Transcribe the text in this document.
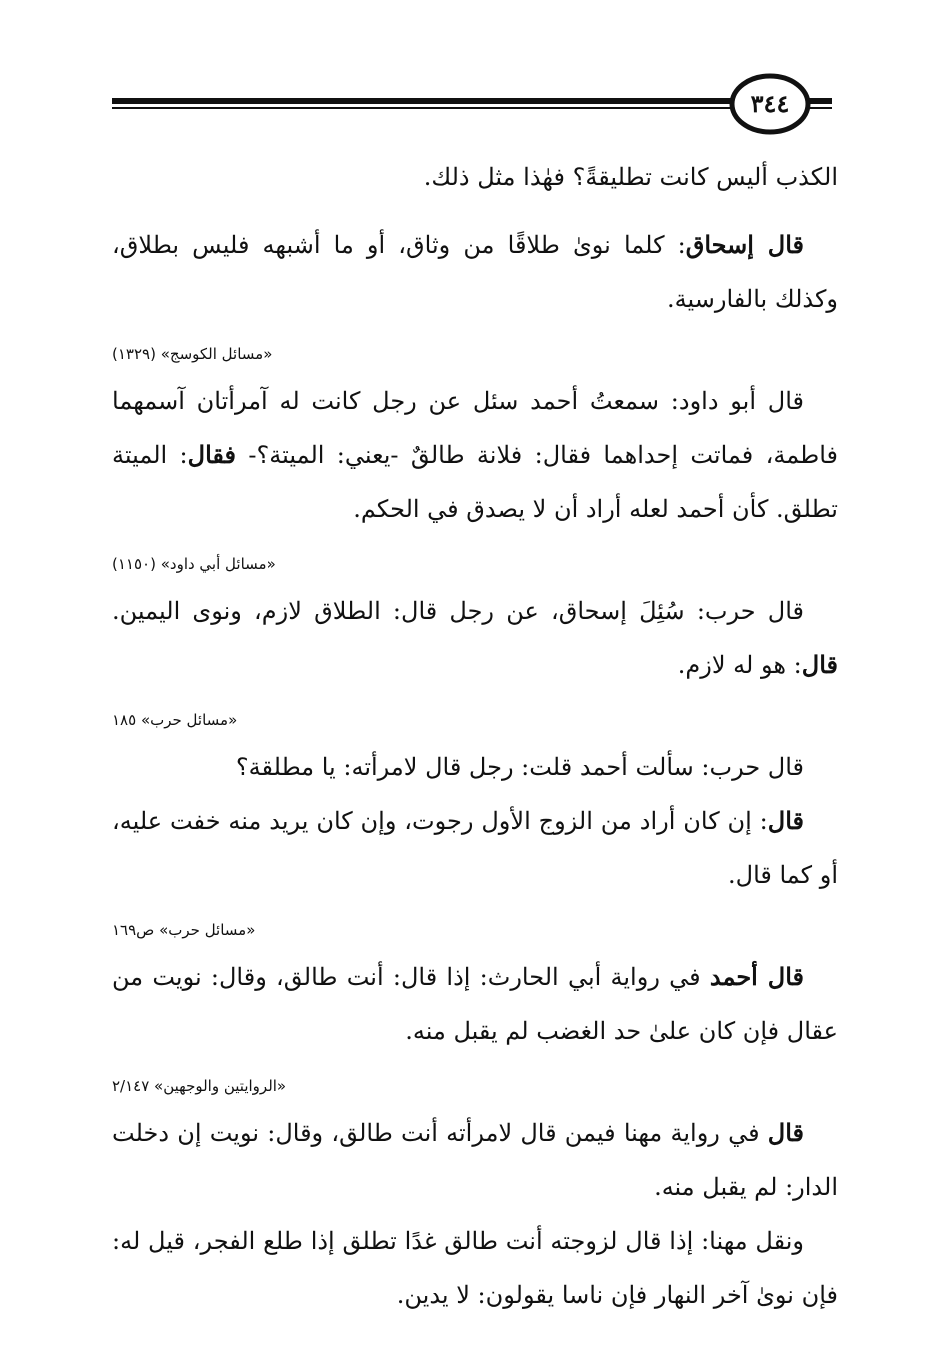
٣٤٤

الكذب أليس كانت تطليقةً؟ فهٰذا مثل ذلك.

قال إسحاق: كلما نوىٰ طلاقًا من وثاق، أو ما أشبهه فليس بطلاق، وكذلك بالفارسية.

«مسائل الكوسج» (١٣٢٩)

قال أبو داود: سمعتُ أحمد سئل عن رجل كانت له آمرأتان آسمهما فاطمة، فماتت إحداهما فقال: فلانة طالقٌ -يعني: الميتة؟- فقال: الميتة تطلق. كأن أحمد لعله أراد أن لا يصدق في الحكم.

«مسائل أبي داود» (١١٥٠)

قال حرب: سُئِلَ إسحاق، عن رجل قال: الطلاق لازم، ونوى اليمين. قال: هو له لازم.

«مسائل حرب» ١٨٥

قال حرب: سألت أحمد قلت: رجل قال لامرأته: يا مطلقة؟

قال: إن كان أراد من الزوج الأول رجوت، وإن كان يريد منه خفت عليه، أو كما قال.

«مسائل حرب» ص١٦٩

قال أحمد في رواية أبي الحارث: إذا قال: أنت طالق، وقال: نويت من عقال فإن كان علىٰ حد الغضب لم يقبل منه.

«الروايتين والوجهين» ٢/١٤٧

قال في رواية مهنا فيمن قال لامرأته أنت طالق، وقال: نويت إن دخلت الدار: لم يقبل منه.

ونقل مهنا: إذا قال لزوجته أنت طالق غدًا تطلق إذا طلع الفجر، قيل له: فإن نوىٰ آخر النهار فإن ناسا يقولون: لا يدين.
